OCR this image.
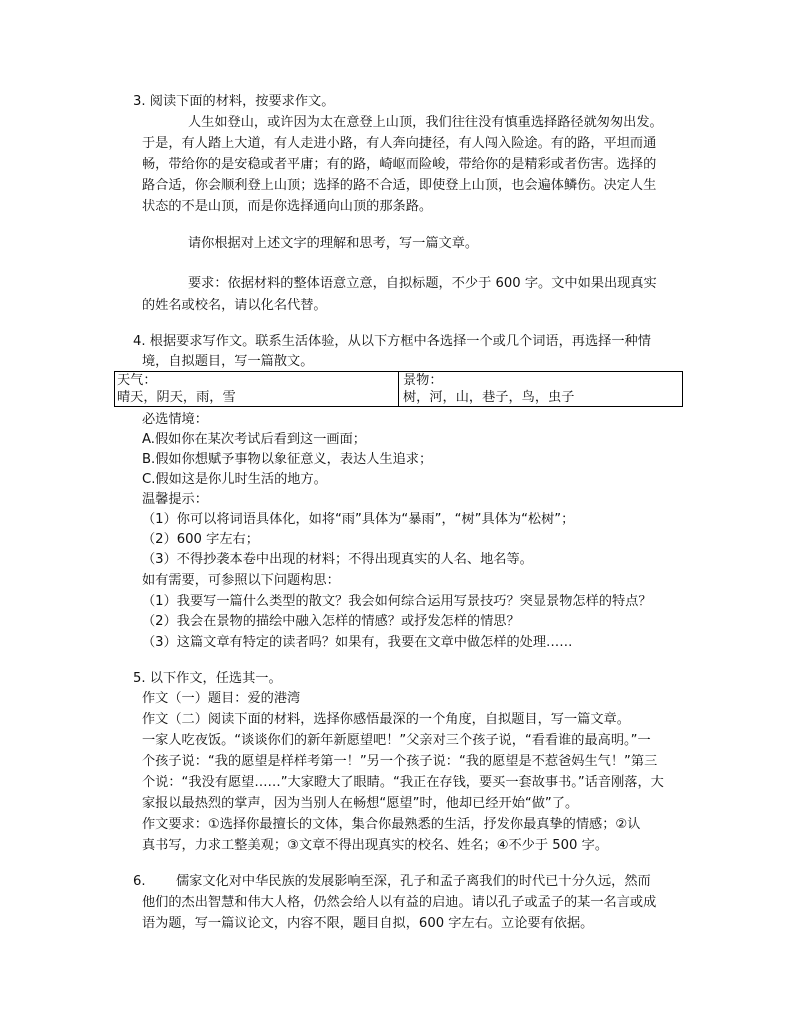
3. 阅读下面的材料，按要求作文。
人生如登山，或许因为太在意登上山顶，我们往往没有慎重选择路径就匆匆出发。
于是，有人踏上大道，有人走进小路，有人奔向捷径，有人闯入险途。有的路，平坦而通
畅，带给你的是安稳或者平庸；有的路，崎岖而险峻，带给你的是精彩或者伤害。选择的
路合适，你会顺利登上山顶；选择的路不合适，即使登上山顶，也会遍体鳞伤。决定人生
状态的不是山顶，而是你选择通向山顶的那条路。
请你根据对上述文字的理解和思考，写一篇文章。
要求：依据材料的整体语意立意，自拟标题，不少于 600 字。文中如果出现真实
的姓名或校名，请以化名代替。
4. 根据要求写作文。联系生活体验，从以下方框中各选择一个或几个词语，再选择一种情
境，自拟题目，写一篇散文。
天气：
晴天，阴天，雨，雪
景物：
树，河，山，巷子，鸟，虫子
必选情境：
A.假如你在某次考试后看到这一画面；
B.假如你想赋予事物以象征意义，表达人生追求；
C.假如这是你儿时生活的地方。
温馨提示：
（1）你可以将词语具体化，如将“雨”具体为“暴雨”，“树”具体为“松树”；
（2）600 字左右；
（3）不得抄袭本卷中出现的材料；不得出现真实的人名、地名等。
如有需要，可参照以下问题构思：
（1）我要写一篇什么类型的散文？我会如何综合运用写景技巧？突显景物怎样的特点？
（2）我会在景物的描绘中融入怎样的情感？或抒发怎样的情思？
（3）这篇文章有特定的读者吗？如果有，我要在文章中做怎样的处理……
5. 以下作文，任选其一。
作文（一）题目：爱的港湾
作文（二）阅读下面的材料，选择你感悟最深的一个角度，自拟题目，写一篇文章。
一家人吃夜饭。“谈谈你们的新年新愿望吧！”父亲对三个孩子说，“看看谁的最高明。”一
个孩子说：“我的愿望是样样考第一！”另一个孩子说：“我的愿望是不惹爸妈生气！”第三
个说：“我没有愿望……”大家瞪大了眼睛。“我正在存钱，要买一套故事书。”话音刚落，大
家报以最热烈的掌声，因为当别人在畅想“愿望”时，他却已经开始“做”了。
作文要求：①选择你最擅长的文体，集合你最熟悉的生活，抒发你最真挚的情感；②认
真书写，力求工整美观；③文章不得出现真实的校名、姓名；④不少于 500 字。
6. 儒家文化对中华民族的发展影响至深，孔子和孟子离我们的时代已十分久远，然而
他们的杰出智慧和伟大人格，仍然会给人以有益的启迪。请以孔子或孟子的某一名言或成
语为题，写一篇议论文，内容不限，题目自拟，600 字左右。立论要有依据。
